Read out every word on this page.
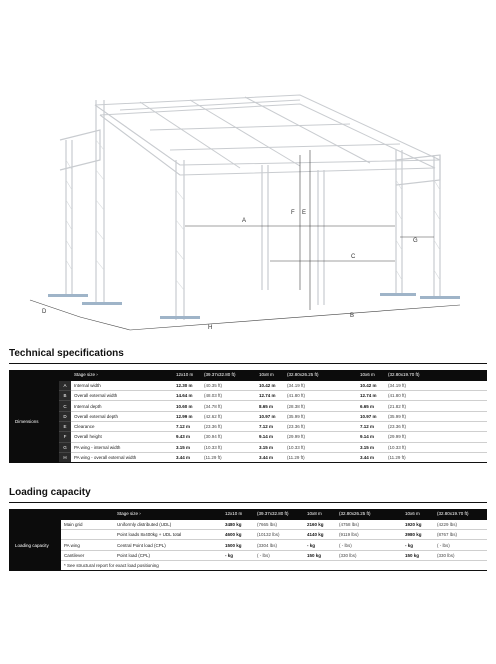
A
B
C
D
E
F
G
H
Technical specifications
		Stage size ›	12x10 m	(39.37x32.80 ft)	10x8 m	(32.80x26.25 ft)	10x6 m	(32.80x19.70 ft)
Dimensions	A	Internal width	12.30 m	(40.35 ft)	10.42 m	(34.19 ft)	10.42 m	(34.19 ft)
	B	Overall external width	14.64 m	(48.03 ft)	12.74 m	(41.80 ft)	12.74 m	(41.80 ft)
	C	Internal depth	10.60 m	(34.78 ft)	8.65 m	(28.38 ft)	6.65 m	(21.82 ft)
	D	Overall external depth	12.99 m	(42.62 ft)	10.97 m	(35.99 ft)	10.97 m	(35.99 ft)
	E	Clearance	7.12 m	(23.36 ft)	7.12 m	(23.36 ft)	7.12 m	(23.36 ft)
	F	Overall height	9.43 m	(30.94 ft)	9.14 m	(29.99 ft)	9.14 m	(29.99 ft)
	G	PA wing - internal width	3.15 m	(10.33 ft)	3.15 m	(10.33 ft)	3.15 m	(10.33 ft)
	H	PA wing - overall external width	3.44 m	(11.29 ft)	3.44 m	(11.29 ft)	3.44 m	(11.29 ft)
Loading capacity
		Stage size ›	12x10 m	(39.37x32.80 ft)	10x8 m	(32.80x26.25 ft)	10x6 m	(32.80x19.70 ft)
Loading capacity	Main grid	Uniformly distributed (UDL)	3480 kg	(7665 lbs)	2160 kg	(4758 lbs)	1920 kg	(4229 lbs)
		Point loads 8x400kg + UDL total	4600 kg	(10132 lbs)	4140 kg	(9119 lbs)	3980 kg	(8767 lbs)
	PA wing	Central Point load (CPL)	1500 kg	(3304 lbs)	- kg	( - lbs)	- kg	( - lbs)
	Cantilever	Point load (CPL)	- kg	( - lbs)	150 kg	(330 lbs)	150 kg	(330 lbs)
	* See structural report for exact load positioning							
